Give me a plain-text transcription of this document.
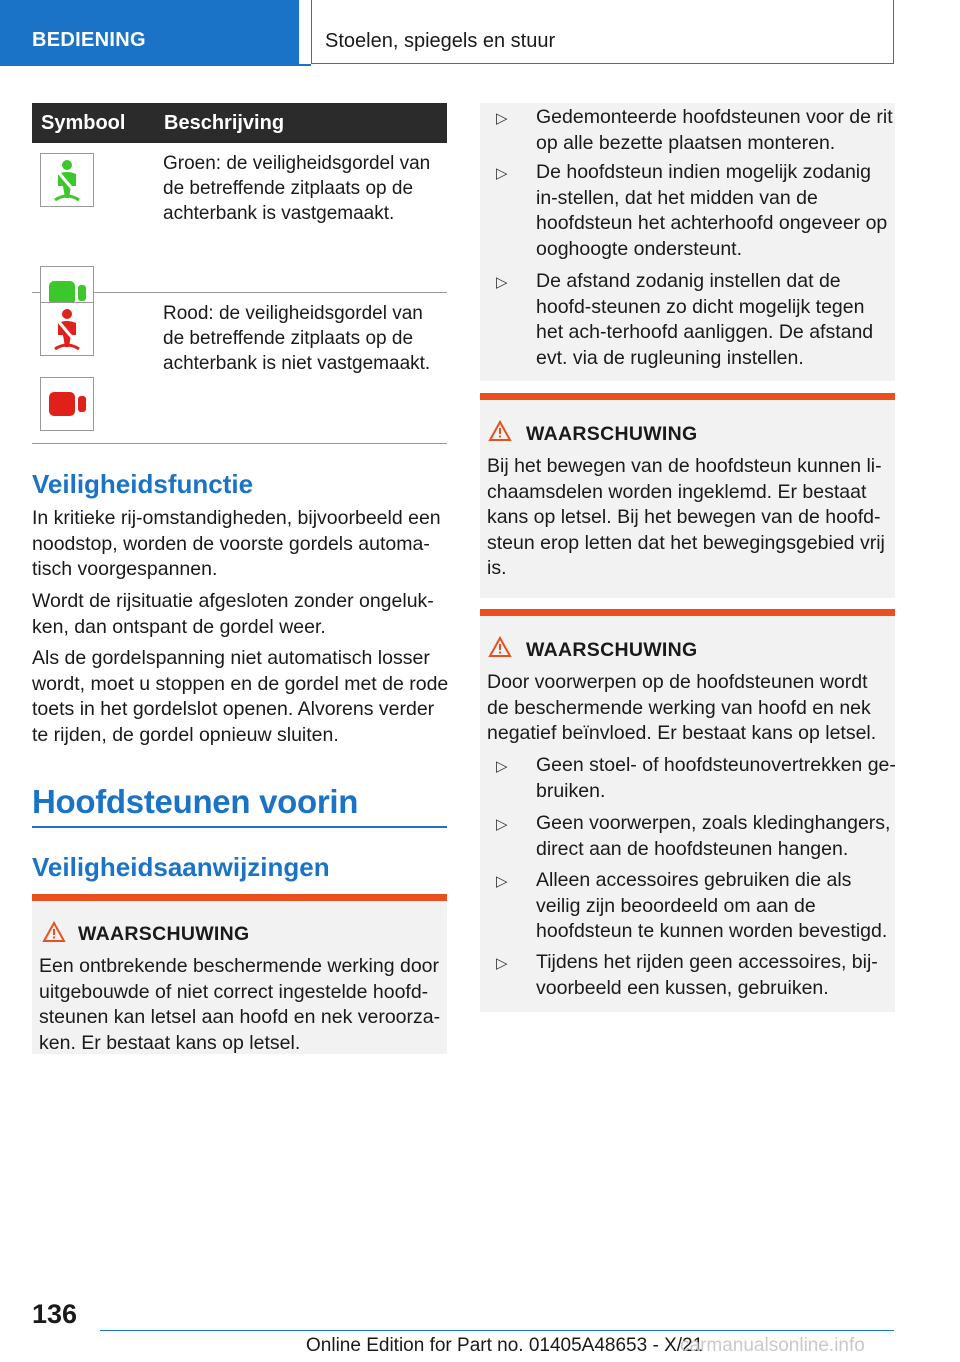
BEDIENING	Stoelen, spiegels en stuur
Symbool Beschrijving
Groen: de veiligheidsgordel van de betreffende zitplaats op de achterbank is vastgemaakt.
Rood: de veiligheidsgordel van de betreffende zitplaats op de achterbank is niet vastgemaakt.
Veiligheidsfunctie
In kritieke rij-omstandigheden, bijvoorbeeld een noodstop, worden de voorste gordels automa-tisch voorgespannen.
Wordt de rijsituatie afgesloten zonder ongeluk-ken, dan ontspant de gordel weer.
Als de gordelspanning niet automatisch losser wordt, moet u stoppen en de gordel met de rode toets in het gordelslot openen. Alvorens verder te rijden, de gordel opnieuw sluiten.
Hoofdsteunen voorin
Veiligheidsaanwijzingen
WAARSCHUWING
Een ontbrekende beschermende werking door uitgebouwde of niet correct ingestelde hoofd-steunen kan letsel aan hoofd en nek veroorza-ken. Er bestaat kans op letsel.
▷ Gedemonteerde hoofdsteunen voor de rit op alle bezette plaatsen monteren.
▷ De hoofdsteun indien mogelijk zodanig in-stellen, dat het midden van de hoofdsteun het achterhoofd ongeveer op ooghoogte ondersteunt.
▷ De afstand zodanig instellen dat de hoofd-steunen zo dicht mogelijk tegen het ach-terhoofd aanliggen. De afstand evt. via de rugleuning instellen.
WAARSCHUWING
Bij het bewegen van de hoofdsteun kunnen li-chaamsdelen worden ingeklemd. Er bestaat kans op letsel. Bij het bewegen van de hoofd-steun erop letten dat het bewegingsgebied vrij is.
WAARSCHUWING
Door voorwerpen op de hoofdsteunen wordt de beschermende werking van hoofd en nek negatief beïnvloed. Er bestaat kans op letsel.
▷ Geen stoel- of hoofdsteunovertrekken ge-bruiken.
▷ Geen voorwerpen, zoals kledinghangers, direct aan de hoofdsteunen hangen.
▷ Alleen accessoires gebruiken die als veilig zijn beoordeeld om aan de hoofdsteun te kunnen worden bevestigd.
▷ Tijdens het rijden geen accessoires, bij-voorbeeld een kussen, gebruiken.
136
Online Edition for Part no. 01405A48653 - X/21
carmanualsonline.info
